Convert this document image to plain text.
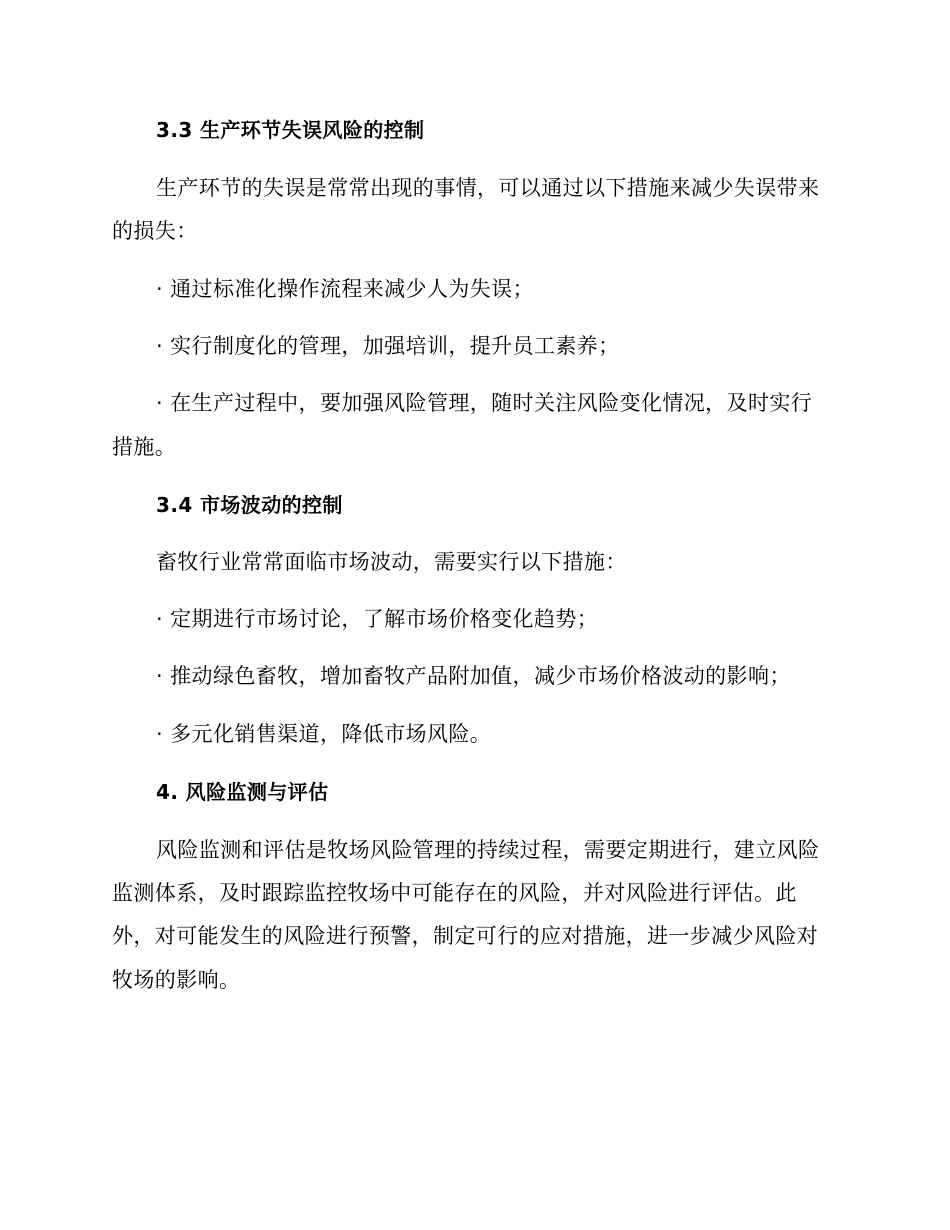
3.3 生产环节失误风险的控制
生产环节的失误是常常出现的事情，可以通过以下措施来减少失误带来
的损失：
· 通过标准化操作流程来减少人为失误；
· 实行制度化的管理，加强培训，提升员工素养；
· 在生产过程中，要加强风险管理，随时关注风险变化情况，及时实行
措施。
3.4 市场波动的控制
畜牧行业常常面临市场波动，需要实行以下措施：
· 定期进行市场讨论，了解市场价格变化趋势；
· 推动绿色畜牧，增加畜牧产品附加值，减少市场价格波动的影响；
· 多元化销售渠道，降低市场风险。
4. 风险监测与评估
风险监测和评估是牧场风险管理的持续过程，需要定期进行，建立风险
监测体系，及时跟踪监控牧场中可能存在的风险，并对风险进行评估。此
外，对可能发生的风险进行预警，制定可行的应对措施，进一步减少风险对
牧场的影响。
